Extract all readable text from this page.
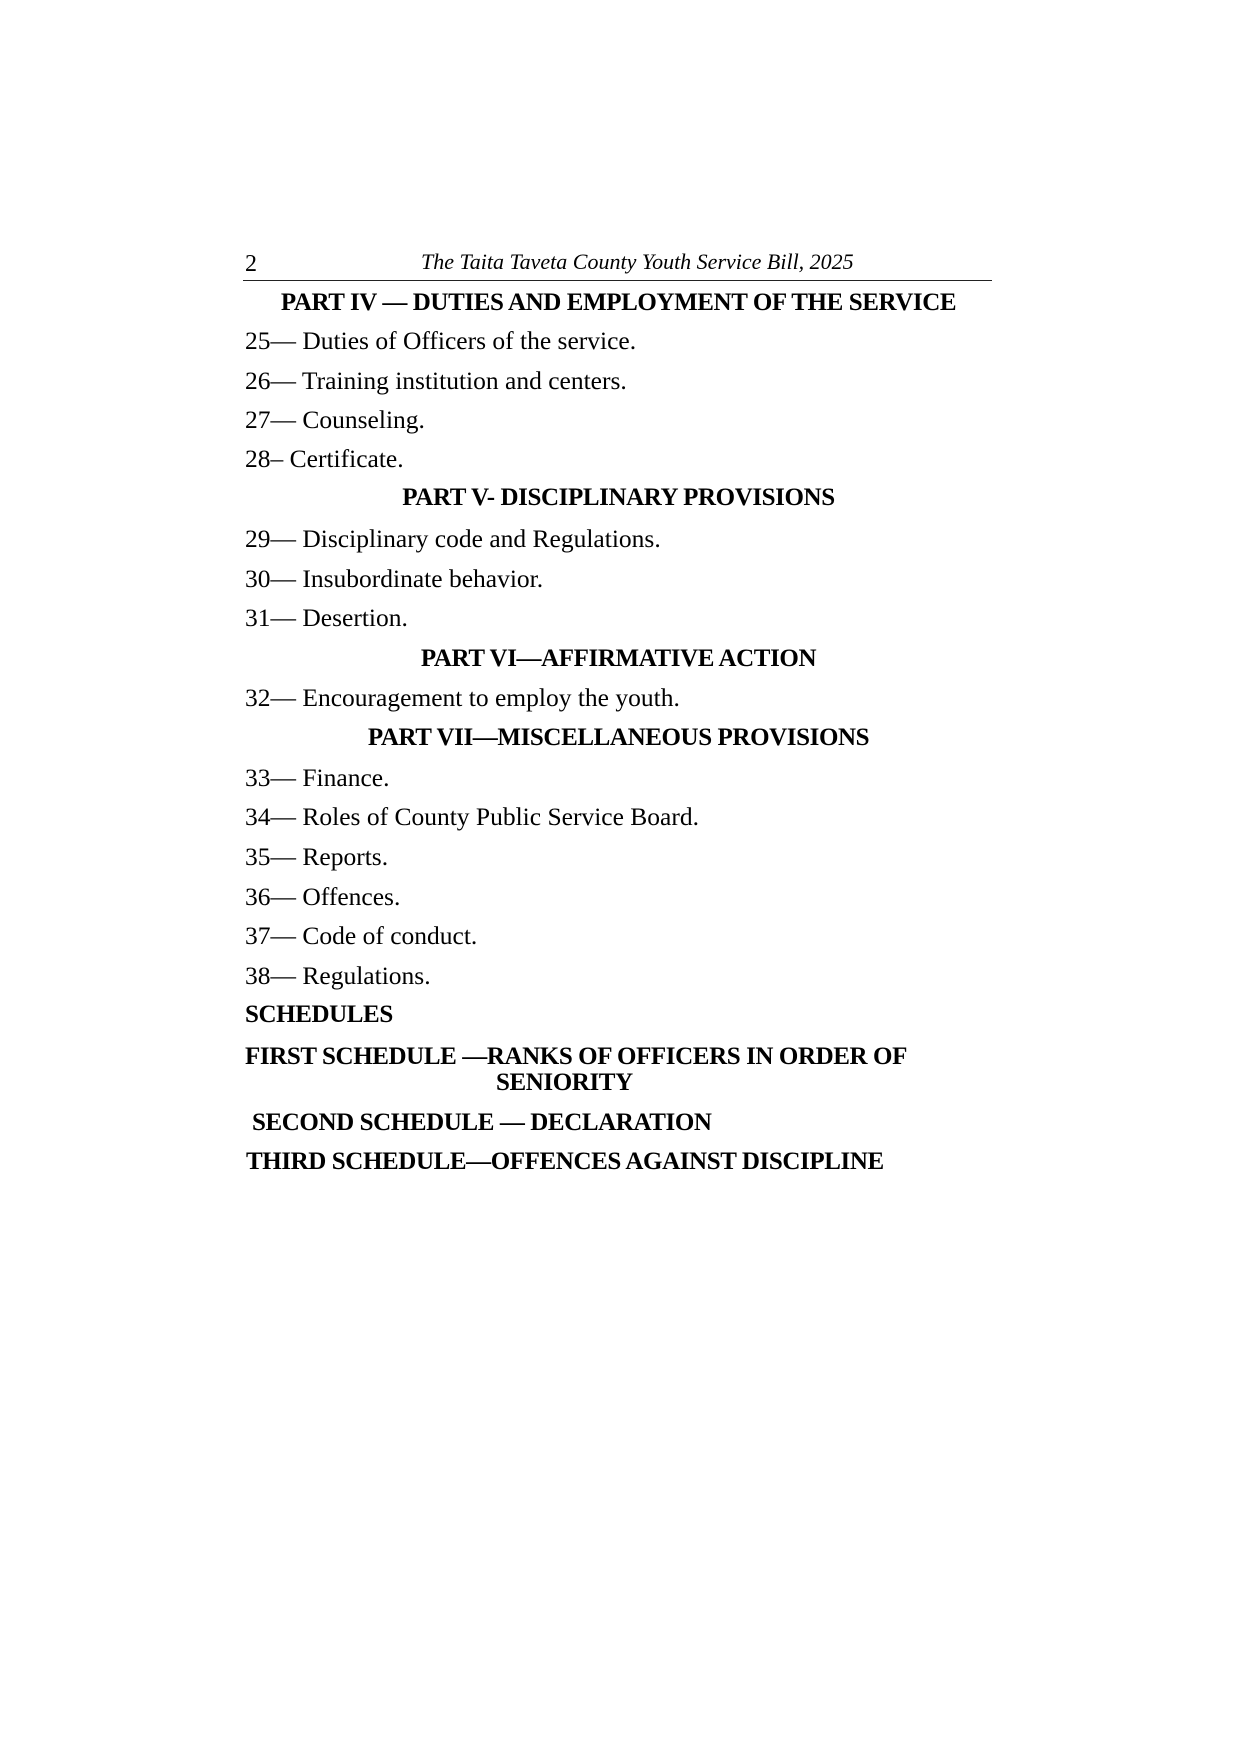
2	The Taita Taveta County Youth Service Bill, 2025
PART IV — DUTIES AND EMPLOYMENT OF THE SERVICE
25— Duties of Officers of the service.
26— Training institution and centers.
27— Counseling.
28– Certificate.
PART V- DISCIPLINARY PROVISIONS
29— Disciplinary code and Regulations.
30— Insubordinate behavior.
31— Desertion.
PART VI—AFFIRMATIVE ACTION
32— Encouragement to employ the youth.
PART VII—MISCELLANEOUS PROVISIONS
33— Finance.
34— Roles of County Public Service Board.
35— Reports.
36— Offences.
37— Code of conduct.
38— Regulations.
SCHEDULES
FIRST SCHEDULE —RANKS OF OFFICERS IN ORDER OF
SENIORITY
SECOND SCHEDULE — DECLARATION
THIRD SCHEDULE—OFFENCES AGAINST DISCIPLINE
